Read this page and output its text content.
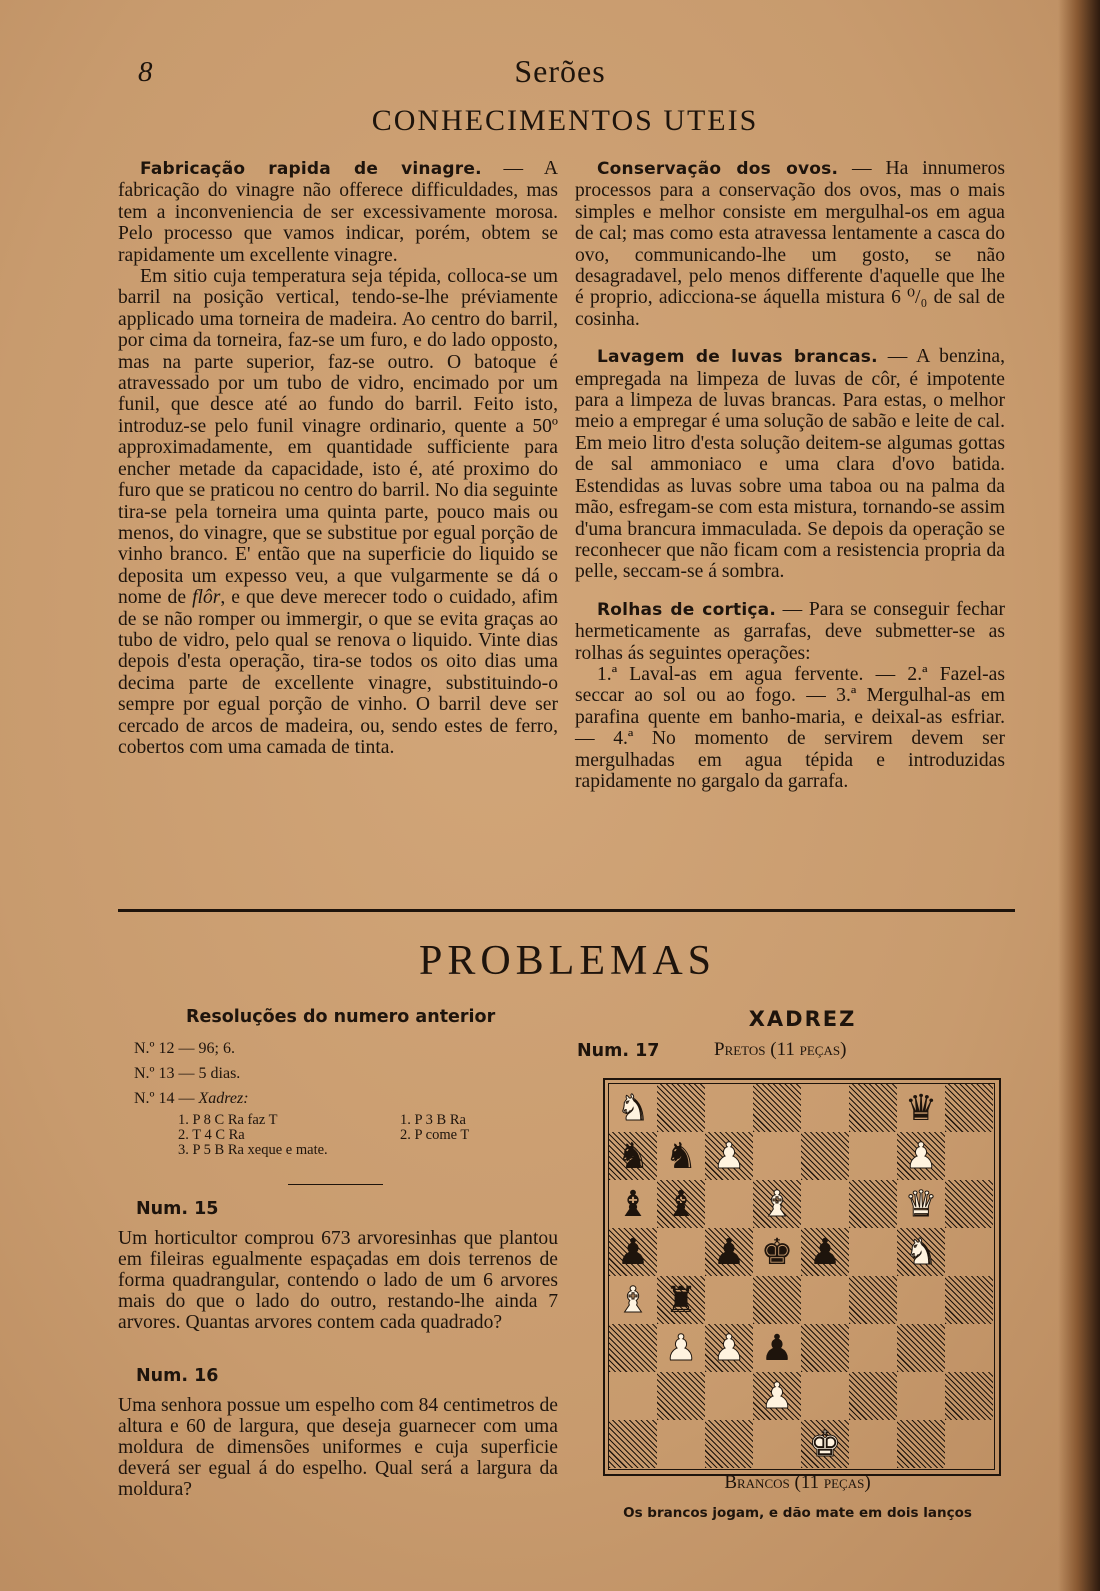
8	Serões
CONHECIMENTOS UTEIS

Fabricação rapida de vinagre. — A fabricação do vinagre não offerece difficuldades, mas tem a inconveniencia de ser excessivamente morosa. Pelo processo que vamos indicar, porém, obtem se rapidamente um excellente vinagre.

Em sitio cuja temperatura seja tépida, colloca-se um barril na posição vertical, tendo-se-lhe préviamente applicado uma torneira de madeira. Ao centro do barril, por cima da torneira, faz-se um furo, e do lado opposto, mas na parte superior, faz-se outro. O batoque é atravessado por um tubo de vidro, encimado por um funil, que desce até ao fundo do barril. Feito isto, introduz-se pelo funil vinagre ordinario, quente a 50º approximadamente, em quantidade sufficiente para encher metade da capacidade, isto é, até proximo do furo que se praticou no centro do barril. No dia seguinte tira-se pela torneira uma quinta parte, pouco mais ou menos, do vinagre, que se substitue por egual porção de vinho branco. E' então que na superficie do liquido se deposita um expesso veu, a que vulgarmente se dá o nome de flôr, e que deve merecer todo o cuidado, afim de se não romper ou immergir, o que se evita graças ao tubo de vidro, pelo qual se renova o liquido. Vinte dias depois d'esta operação, tira-se todos os oito dias uma decima parte de excellente vinagre, substituindo-o sempre por egual porção de vinho. O barril deve ser cercado de arcos de madeira, ou, sendo estes de ferro, cobertos com uma camada de tinta.

Conservação dos ovos. — Ha innumeros processos para a conservação dos ovos, mas o mais simples e melhor consiste em mergulhal-os em agua de cal; mas como esta atravessa lentamente a casca do ovo, communicando-lhe um gosto, se não desagradavel, pelo menos differente d'aquelle que lhe é proprio, adicciona-se áquella mistura 6 ⁰/₀ de sal de cosinha.

Lavagem de luvas brancas. — A benzina, empregada na limpeza de luvas de côr, é impotente para a limpeza de luvas brancas. Para estas, o melhor meio a empregar é uma solução de sabão e leite de cal. Em meio litro d'esta solução deitem-se algumas gottas de sal ammoniaco e uma clara d'ovo batida. Estendidas as luvas sobre uma taboa ou na palma da mão, esfregam-se com esta mistura, tornando-se assim d'uma brancura immaculada. Se depois da operação se reconhecer que não ficam com a resistencia propria da pelle, seccam-se á sombra.

Rolhas de cortiça. — Para se conseguir fechar hermeticamente as garrafas, deve submetter-se as rolhas ás seguintes operações:

1.ª Laval-as em agua fervente. — 2.ª Fazel-as seccar ao sol ou ao fogo. — 3.ª Mergulhal-as em parafina quente em banho-maria, e deixal-as esfriar. — 4.ª No momento de servirem devem ser mergulhadas em agua tépida e introduzidas rapidamente no gargalo da garrafa.

PROBLEMAS
Resoluções do numero anterior
N.º 12 — 96; 6.
N.º 13 — 5 dias.
N.º 14 — Xadrez:
1. P 8 C Ra faz T
2. T 4 C Ra
3. P 5 B Ra xeque e mate.
1. P 3 B Ra
2. P come T
Num. 15
Um horticultor comprou 673 arvoresinhas que plantou em fileiras egualmente espaçadas em dois terrenos de forma quadrangular, contendo o lado de um 6 arvores mais do que o lado do outro, restando-lhe ainda 7 arvores. Quantas arvores contem cada quadrado?
Num. 16
Uma senhora possue um espelho com 84 centimetros de altura e 60 de largura, que deseja guarnecer com uma moldura de dimensões uniformes e cuja superficie deverá ser egual á do espelho. Qual será a largura da moldura?
XADREZ
Num. 17	Pretos (11 peças)
♞	♛
♞ ♞ ♟	♟
♝ ♝ ♝	♛
♟ ♟ ♚ ♟ ♞
♝ ♜
♟ ♟ ♟
♟
♚
Brancos (11 peças)
Os brancos jogam, e dão mate em dois lanços
